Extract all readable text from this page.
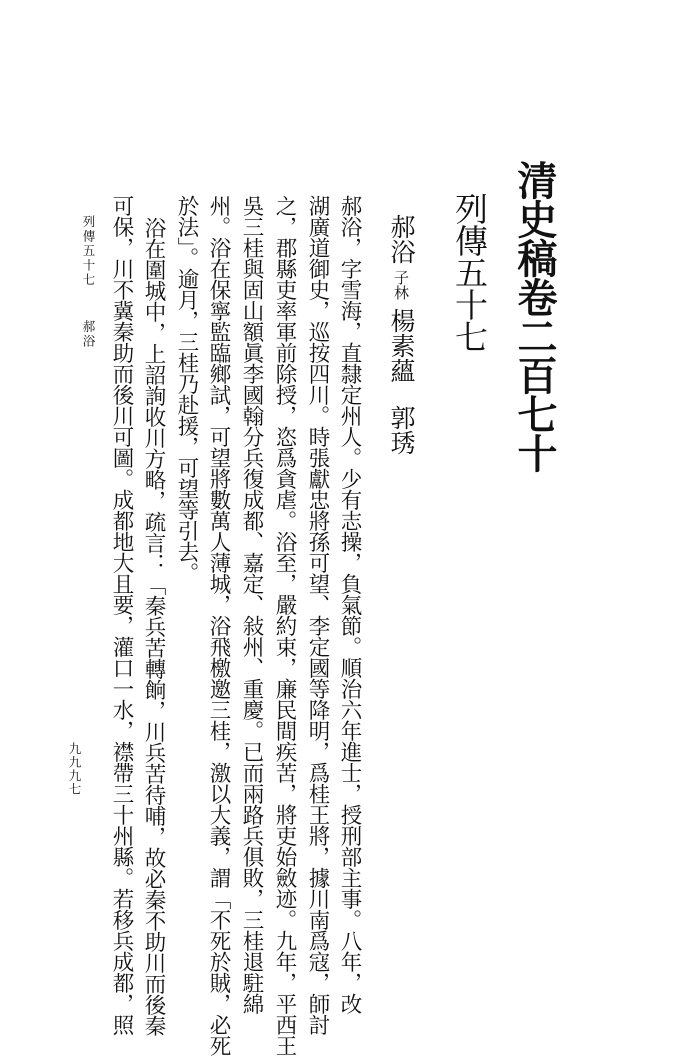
清史稿卷二百七十
列傳五十七
郝浴子林楊素蘊郭琇
郝浴，字雪海，直隸定州人。少有志操，負氣節。順治六年進士，授刑部主事。八年，改
湖廣道御史，巡按四川。時張獻忠將孫可望、李定國等降明，爲桂王將，據川南爲寇，師討
之，郡縣吏率軍前除授，恣爲貪虐。浴至，嚴約束，廉民間疾苦，將吏始斂迹。九年，平西王
吳三桂與固山額眞李國翰分兵復成都、嘉定、敍州、重慶。已而兩路兵俱敗，三桂退駐綿
州。浴在保寧監臨鄉試，可望將數萬人薄城，浴飛檄邀三桂，激以大義，謂「不死於賊，必死
於法」。逾月，三桂乃赴援，可望等引去。
浴在圍城中，上詔詢收川方略，疏言：「秦兵苦轉餉，川兵苦待哺，故必秦不助川而後秦
可保，川不冀秦助而後川可圖。成都地大且要，灌口一水，襟帶三十州縣。若移兵成都，照
列傳五十七
郝浴
九九九七
